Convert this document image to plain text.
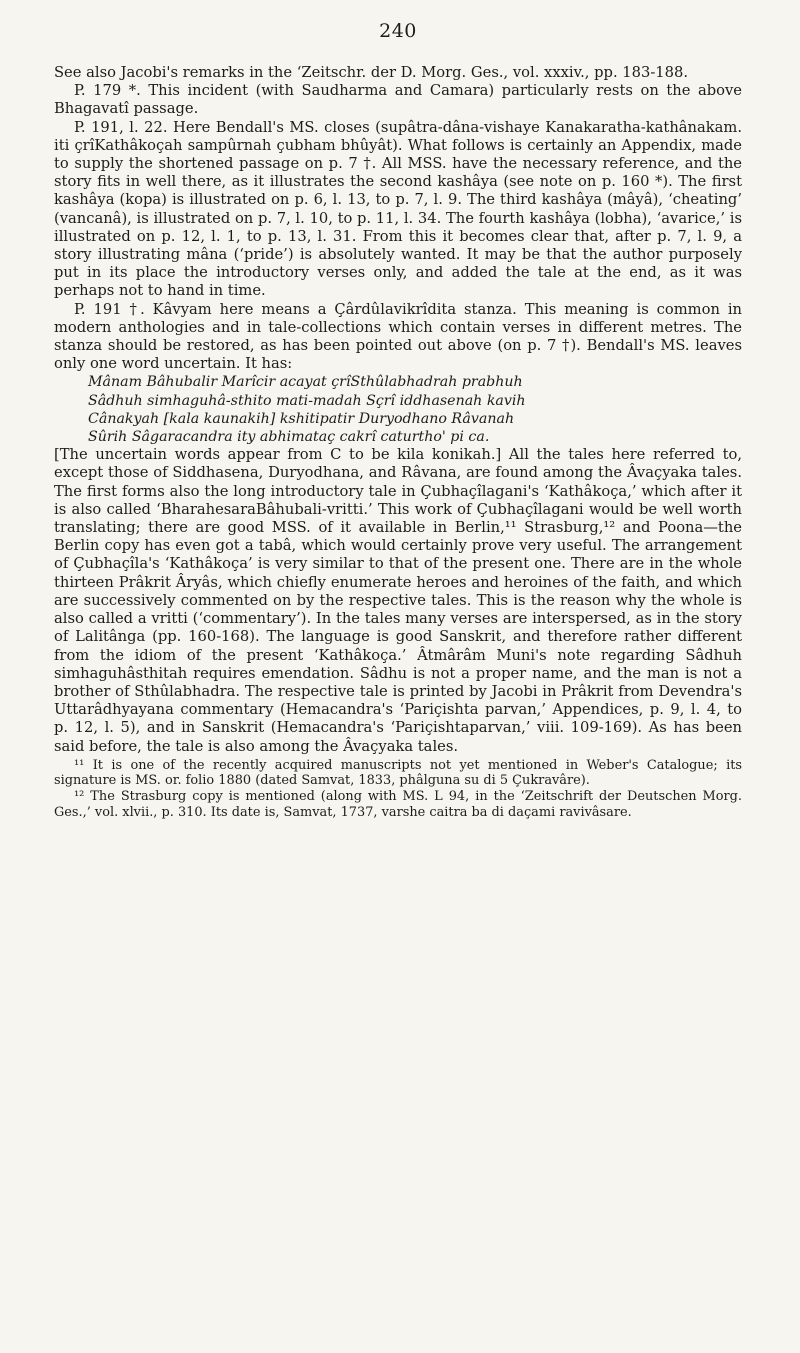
240

See also Jacobi's remarks in the ‘Zeitschr. der D. Morg. Ges., vol. xxxiv., pp. 183-188.

P. 179 *. This incident (with Saudharma and Camara) particularly rests on the above Bhagavatî passage.

P. 191, l. 22. Here Bendall's MS. closes (supâtra-dâna-vishaye Kanakaratha-kathânakam. iti çrîKathâkoçah sampûrnah çubham bhûyât). What follows is certainly an Appendix, made to supply the shortened passage on p. 7 †. All MSS. have the necessary reference, and the story fits in well there, as it illustrates the second kashâya (see note on p. 160 *). The first kashâya (kopa) is illustrated on p. 6, l. 13, to p. 7, l. 9. The third kashâya (mâyâ), ‘cheating’ (vancanâ), is illustrated on p. 7, l. 10, to p. 11, l. 34. The fourth kashâya (lobha), ‘avarice,’ is illustrated on p. 12, l. 1, to p. 13, l. 31. From this it becomes clear that, after p. 7, l. 9, a story illustrating mâna (‘pride’) is absolutely wanted. It may be that the author purposely put in its place the introductory verses only, and added the tale at the end, as it was perhaps not to hand in time.

P. 191 †. Kâvyam here means a Çârdûlavikrîdita stanza. This meaning is common in modern anthologies and in tale-collections which contain verses in different metres. The stanza should be restored, as has been pointed out above (on p. 7 †). Bendall's MS. leaves only one word uncertain. It has:

Mânam Bâhubalir Marîcir acayat çrîSthûlabhadrah prabhuh
Sâdhuh simhaguhâ-sthito mati-madah Sçrî iddhasenah kavih
Cânakyah [kala kaunakih] kshitipatir Duryodhano Râvanah
Sûrih Sâgaracandra ity abhimataç cakrî caturtho' pi ca.

[The uncertain words appear from C to be kila konikah.] All the tales here referred to, except those of Siddhasena, Duryodhana, and Râvana, are found among the Âvaçyaka tales. The first forms also the long introductory tale in Çubhaçîlagani's ‘Kathâkoça,’ which after it is also called ‘BharahesaraBâhubali-vritti.’ This work of Çubhaçîlagani would be well worth translating; there are good MSS. of it available in Berlin,¹¹ Strasburg,¹² and Poona—the Berlin copy has even got a tabâ, which would certainly prove very useful. The arrangement of Çubhaçîla's ‘Kathâkoça’ is very similar to that of the present one. There are in the whole thirteen Prâkrit Âryâs, which chiefly enumerate heroes and heroines of the faith, and which are successively commented on by the respective tales. This is the reason why the whole is also called a vritti (‘commentary’). In the tales many verses are interspersed, as in the story of Lalitânga (pp. 160-168). The language is good Sanskrit, and therefore rather different from the idiom of the present ‘Kathâkoça.’ Âtmârâm Muni's note regarding Sâdhuh simhaguhâsthitah requires emendation. Sâdhu is not a proper name, and the man is not a brother of Sthûlabhadra. The respective tale is printed by Jacobi in Prâkrit from Devendra's Uttarâdhyayana commentary (Hemacandra's ‘Pariçishta parvan,’ Appendices, p. 9, l. 4, to p. 12, l. 5), and in Sanskrit (Hemacandra's ‘Pariçishtaparvan,’ viii. 109-169). As has been said before, the tale is also among the Âvaçyaka tales.

¹¹ It is one of the recently acquired manuscripts not yet mentioned in Weber's Catalogue; its signature is MS. or. folio 1880 (dated Samvat, 1833, phâlguna su di 5 Çukravâre).

¹² The Strasburg copy is mentioned (along with MS. L 94, in the ‘Zeitschrift der Deutschen Morg. Ges.,’ vol. xlvii., p. 310. Its date is, Samvat, 1737, varshe caitra ba di daçami ravivâsare.
